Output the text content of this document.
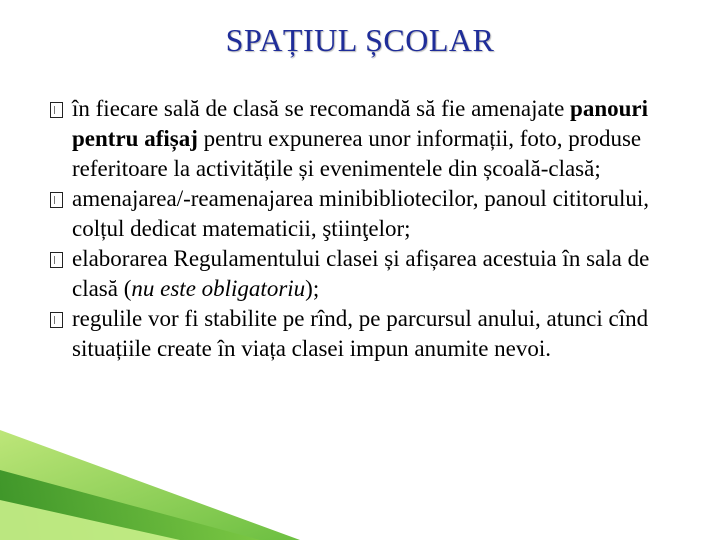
SPAȚIUL ȘCOLAR
în fiecare sală de clasă se recomandă să fie amenajate panouri pentru afișaj pentru expunerea unor informații, foto, produse referitoare la activitățile și evenimentele din școală-clasă;
amenajarea/-reamenajarea minibibliotecilor, panoul cititorului, colțul dedicat matematicii, ştiinţelor;
elaborarea Regulamentului clasei și afișarea acestuia în sala de clasă (nu este obligatoriu);
regulile vor fi stabilite pe rînd, pe parcursul anului, atunci cînd situațiile create în viața clasei impun anumite nevoi.
